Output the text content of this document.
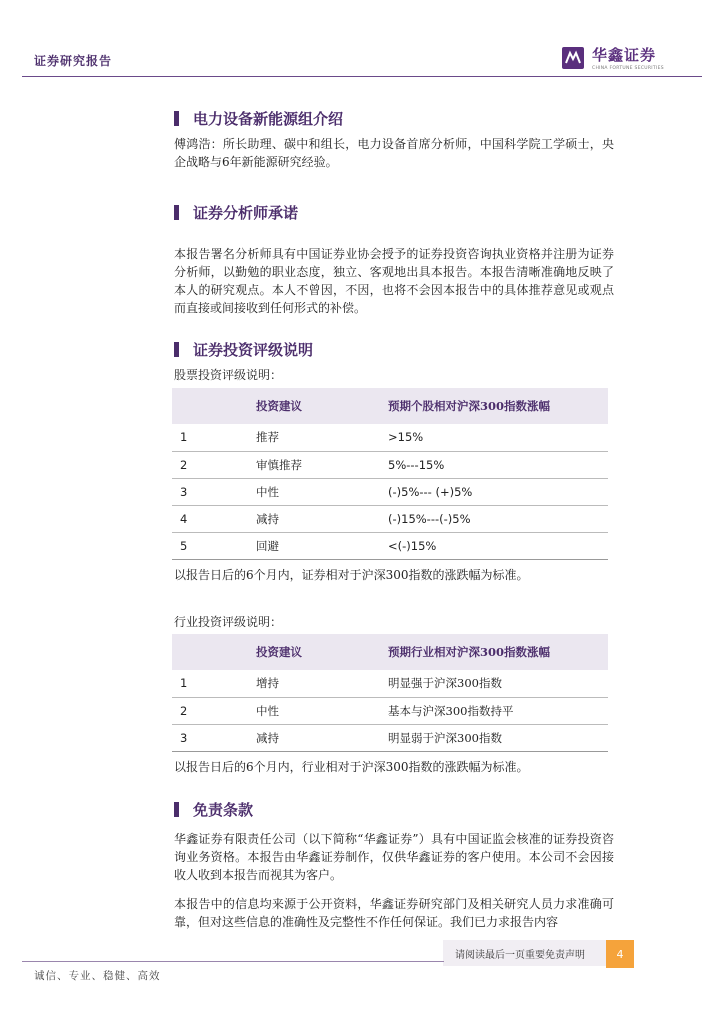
证券研究报告	华鑫证券
CHINA FORTUNE SECURITIES
电力设备新能源组介绍
傅鸿浩：所长助理、碳中和组长，电力设备首席分析师，中国科学院工学硕士，央企战略与6年新能源研究经验。
证券分析师承诺
本报告署名分析师具有中国证券业协会授予的证券投资咨询执业资格并注册为证券分析师，以勤勉的职业态度，独立、客观地出具本报告。本报告清晰准确地反映了本人的研究观点。本人不曾因，不因，也将不会因本报告中的具体推荐意见或观点而直接或间接收到任何形式的补偿。
证券投资评级说明
股票投资评级说明：
	投资建议	预期个股相对沪深300指数涨幅
1	推荐	>15%
2	审慎推荐	5%---15%
3	中性	(-)5%--- (+)5%
4	减持	(-)15%---(-)5%
5	回避	<(-)15%
以报告日后的6个月内，证券相对于沪深300指数的涨跌幅为标准。
行业投资评级说明：
	投资建议	预期行业相对沪深300指数涨幅
1	增持	明显强于沪深300指数
2	中性	基本与沪深300指数持平
3	减持	明显弱于沪深300指数
以报告日后的6个月内，行业相对于沪深300指数的涨跌幅为标准。
免责条款
华鑫证券有限责任公司（以下简称“华鑫证券”）具有中国证监会核准的证券投资咨询业务资格。本报告由华鑫证券制作，仅供华鑫证券的客户使用。本公司不会因接收人收到本报告而视其为客户。
本报告中的信息均来源于公开资料，华鑫证券研究部门及相关研究人员力求准确可靠，但对这些信息的准确性及完整性不作任何保证。我们已力求报告内容
请阅读最后一页重要免责声明	4
诚信、专业、稳健、高效
